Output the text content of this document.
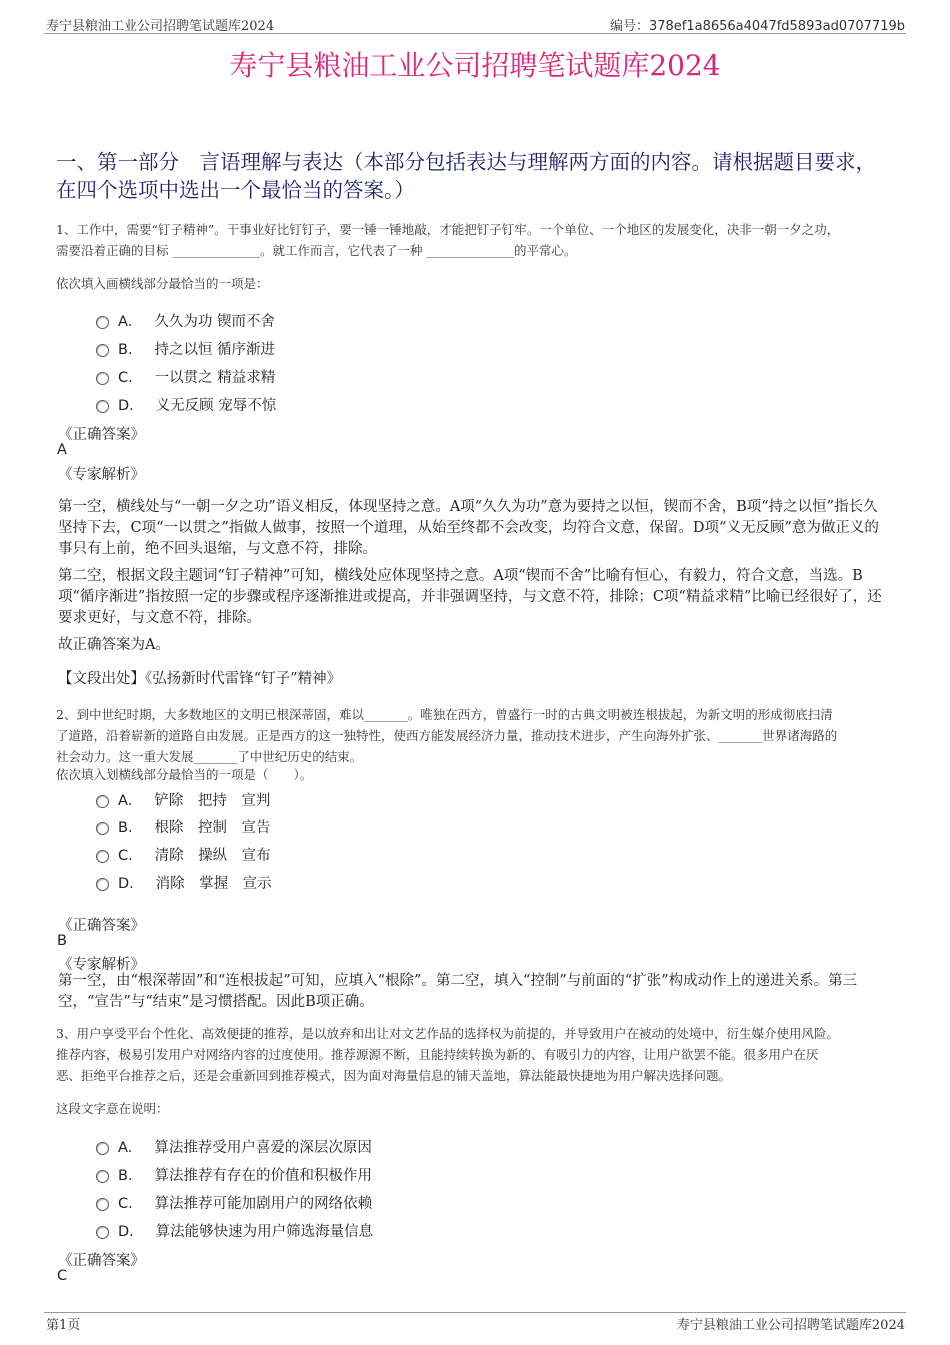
寿宁县粮油工业公司招聘笔试题库2024	编号：378ef1a8656a4047fd5893ad0707719b
寿宁县粮油工业公司招聘笔试题库2024
一、第一部分　言语理解与表达（本部分包括表达与理解两方面的内容。请根据题目要求，在四个选项中选出一个最恰当的答案。）
1、工作中，需要“钉子精神”。干事业好比钉钉子，要一锤一锤地敲，才能把钉子钉牢。一个单位、一个地区的发展变化，决非一朝一夕之功，
需要沿着正确的目标 ______________。就工作而言，它代表了一种 ______________的平常心。
依次填入画横线部分最恰当的一项是：
A． 久久为功 锲而不舍
B． 持之以恒 循序渐进
C． 一以贯之 精益求精
D． 义无反顾 宠辱不惊
《正确答案》
A
《专家解析》
第一空，横线处与“一朝一夕之功”语义相反，体现坚持之意。A项“久久为功”意为要持之以恒，锲而不舍，B项“持之以恒”指长久坚持下去，C项“一以贯之”指做人做事，按照一个道理，从始至终都不会改变，均符合文意，保留。D项“义无反顾”意为做正义的事只有上前，绝不回头退缩，与文意不符，排除。
第二空，根据文段主题词“钉子精神”可知，横线处应体现坚持之意。A项“锲而不舍”比喻有恒心，有毅力，符合文意，当选。B项“循序渐进”指按照一定的步骤或程序逐渐推进或提高，并非强调坚持，与文意不符，排除；C项“精益求精”比喻已经很好了，还要求更好，与文意不符，排除。
故正确答案为A。
【文段出处】《弘扬新时代雷锋“钉子”精神》
2、到中世纪时期，大多数地区的文明已根深蒂固，难以_______。唯独在西方，曾盛行一时的古典文明被连根拔起，为新文明的形成彻底扫清
了道路，沿着崭新的道路自由发展。正是西方的这一独特性，使西方能发展经济力量，推动技术进步，产生向海外扩张、_______世界诸海路的
社会动力。这一重大发展_______了中世纪历史的结束。
依次填入划横线部分最恰当的一项是（　　）。
A． 铲除　把持　宣判
B． 根除　控制　宣告
C． 清除　操纵　宣布
D． 消除　掌握　宣示
《正确答案》
B
《专家解析》
第一空，由“根深蒂固”和“连根拔起”可知，应填入“根除”。第二空，填入“控制”与前面的“扩张”构成动作上的递进关系。第三空，“宣告”与“结束”是习惯搭配。因此B项正确。
3、用户享受平台个性化、高效便捷的推荐，是以放弃和出让对文艺作品的选择权为前提的，并导致用户在被动的处境中，衍生媒介使用风险。
推荐内容，极易引发用户对网络内容的过度使用。推荐源源不断，且能持续转换为新的、有吸引力的内容，让用户欲罢不能。很多用户在厌
恶、拒绝平台推荐之后，还是会重新回到推荐模式，因为面对海量信息的铺天盖地，算法能最快捷地为用户解决选择问题。
这段文字意在说明：
A． 算法推荐受用户喜爱的深层次原因
B． 算法推荐有存在的价值和积极作用
C． 算法推荐可能加剧用户的网络依赖
D． 算法能够快速为用户筛选海量信息
《正确答案》
C
第1页	寿宁县粮油工业公司招聘笔试题库2024
